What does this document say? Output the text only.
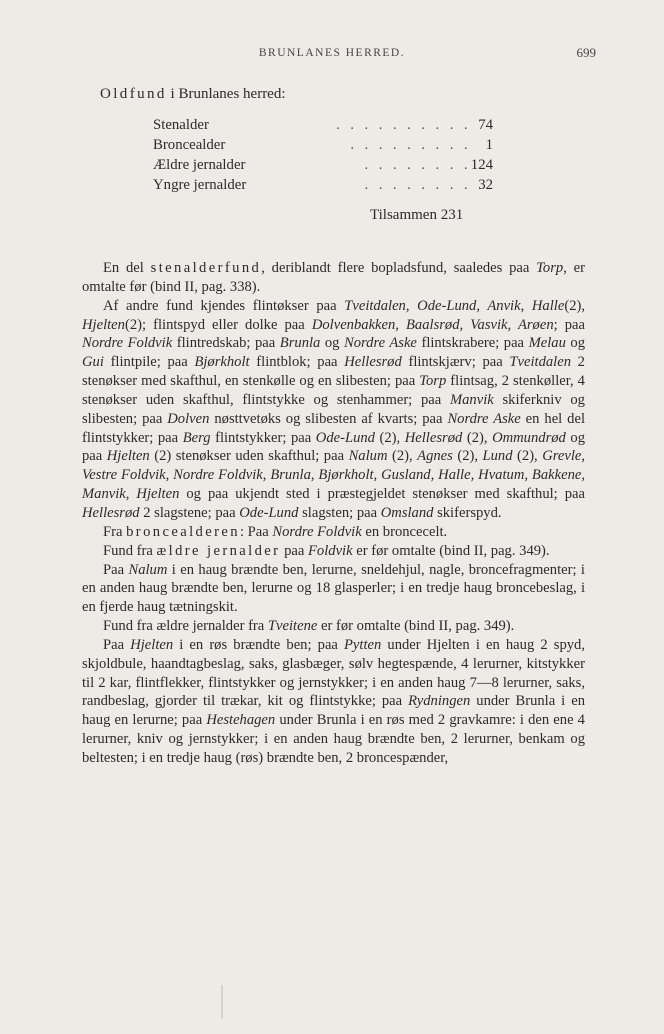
BRUNLANES HERRED.	699
Oldfund i Brunlanes herred:
. . . . . . . . . .
Stenalder	74
. . . . . . . . .
Broncealder	1
. . . . . . . .
Ældre jernalder	124
. . . . . . . .
Yngre jernalder	32
Tilsammen 231

En del stenalderfund, deriblandt flere bopladsfund, saaledes paa Torp, er omtalte før (bind II, pag. 338).

Af andre fund kjendes flintøkser paa Tveitdalen, Ode-Lund, Anvik, Halle(2), Hjelten(2); flintspyd eller dolke paa Dolvenbakken, Baalsrød, Vasvik, Arøen; paa Nordre Foldvik flintredskab; paa Brunla og Nordre Aske flintskrabere; paa Melau og Gui flintpile; paa Bjørkholt flintblok; paa Hellesrød flintskjærv; paa Tveitdalen 2 stenøkser med skafthul, en stenkølle og en slibesten; paa Torp flintsag, 2 stenkøller, 4 stenøkser uden skafthul, flintstykke og stenhammer; paa Manvik skiferkniv og slibesten; paa Dolven nøsttvetøks og slibesten af kvarts; paa Nordre Aske en hel del flintstykker; paa Berg flintstykker; paa Ode-Lund (2), Hellesrød (2), Ommundrød og paa Hjelten (2) stenøkser uden skafthul; paa Nalum (2), Agnes (2), Lund (2), Grevle, Vestre Foldvik, Nordre Foldvik, Brunla, Bjørkholt, Gusland, Halle, Hvatum, Bakkene, Manvik, Hjelten og paa ukjendt sted i præstegjeldet stenøkser med skafthul; paa Hellesrød 2 slagstene; paa Ode-Lund slagsten; paa Omsland skiferspyd.

Fra broncealderen: Paa Nordre Foldvik en broncecelt.

Fund fra ældre jernalder paa Foldvik er før omtalte (bind II, pag. 349).

Paa Nalum i en haug brændte ben, lerurne, sneldehjul, nagle, broncefragmenter; i en anden haug brændte ben, lerurne og 18 glasperler; i en tredje haug broncebeslag, i en fjerde haug tætningskit.

Fund fra ældre jernalder fra Tveitene er før omtalte (bind II, pag. 349).

Paa Hjelten i en røs brændte ben; paa Pytten under Hjelten i en haug 2 spyd, skjoldbule, haandtagbeslag, saks, glasbæger, sølv hegtespænde, 4 lerurner, kitstykker til 2 kar, flintflekker, flintstykker og jernstykker; i en anden haug 7—8 lerurner, saks, randbeslag, gjorder til trækar, kit og flintstykke; paa Rydningen under Brunla i en haug en lerurne; paa Hestehagen under Brunla i en røs med 2 gravkamre: i den ene 4 lerurner, kniv og jernstykker; i en anden haug brændte ben, 2 lerurner, benkam og beltesten; i en tredje haug (røs) brændte ben, 2 broncespænder,
